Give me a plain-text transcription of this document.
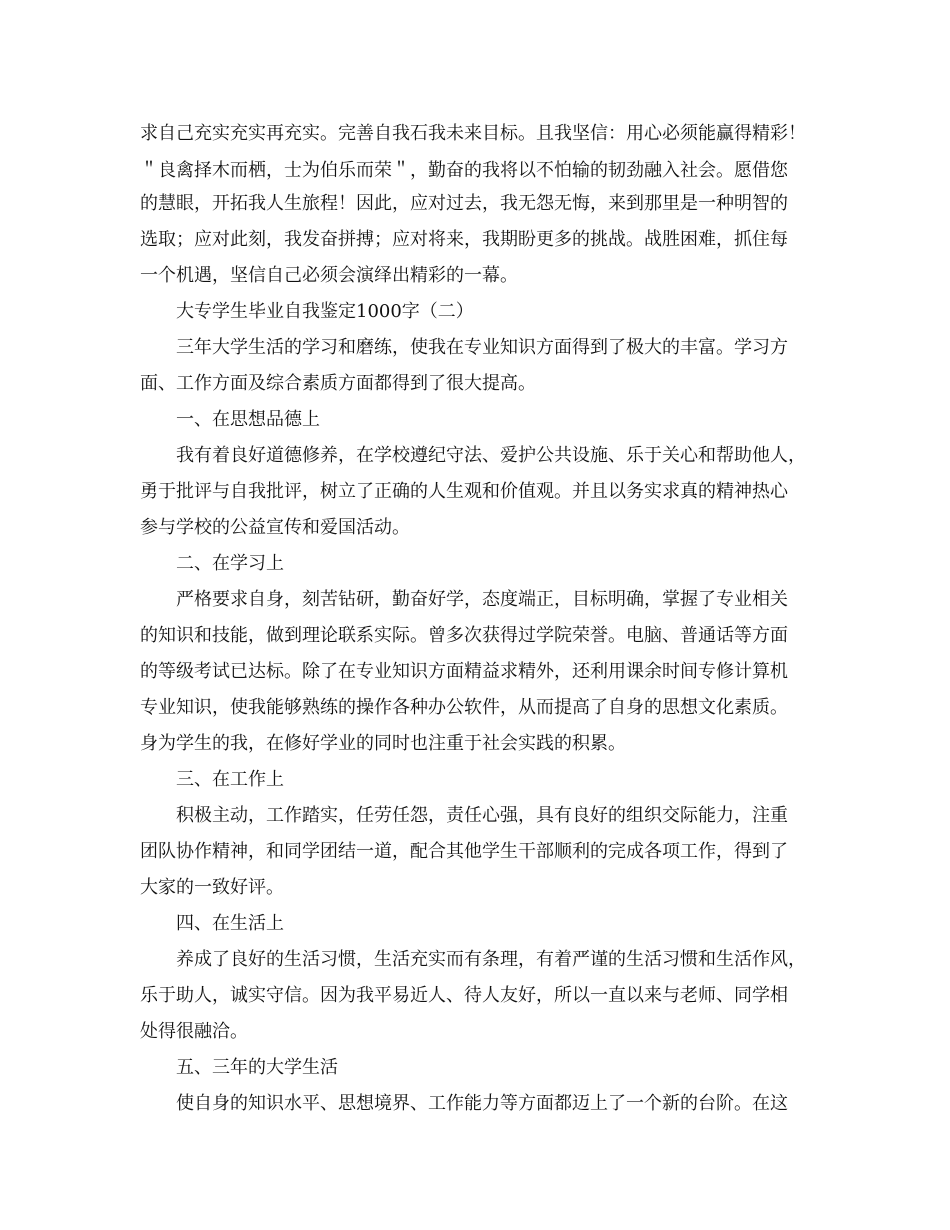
求自己充实充实再充实。完善自我石我未来目标。且我坚信：用心必须能赢得精彩！
＂良禽择木而栖，士为伯乐而荣＂，勤奋的我将以不怕输的韧劲融入社会。愿借您
的慧眼，开拓我人生旅程！因此，应对过去，我无怨无悔，来到那里是一种明智的
选取；应对此刻，我发奋拼搏；应对将来，我期盼更多的挑战。战胜困难，抓住每
一个机遇，坚信自己必须会演绎出精彩的一幕。
大专学生毕业自我鉴定1000字（二）
三年大学生活的学习和磨练，使我在专业知识方面得到了极大的丰富。学习方
面、工作方面及综合素质方面都得到了很大提高。
一、在思想品德上
我有着良好道德修养，在学校遵纪守法、爱护公共设施、乐于关心和帮助他人，
勇于批评与自我批评，树立了正确的人生观和价值观。并且以务实求真的精神热心
参与学校的公益宣传和爱国活动。
二、在学习上
严格要求自身，刻苦钻研，勤奋好学，态度端正，目标明确，掌握了专业相关
的知识和技能，做到理论联系实际。曾多次获得过学院荣誉。电脑、普通话等方面
的等级考试已达标。除了在专业知识方面精益求精外，还利用课余时间专修计算机
专业知识，使我能够熟练的操作各种办公软件，从而提高了自身的思想文化素质。
身为学生的我，在修好学业的同时也注重于社会实践的积累。
三、在工作上
积极主动，工作踏实，任劳任怨，责任心强，具有良好的组织交际能力，注重
团队协作精神，和同学团结一道，配合其他学生干部顺利的完成各项工作，得到了
大家的一致好评。
四、在生活上
养成了良好的生活习惯，生活充实而有条理，有着严谨的生活习惯和生活作风，
乐于助人，诚实守信。因为我平易近人、待人友好，所以一直以来与老师、同学相
处得很融洽。
五、三年的大学生活
使自身的知识水平、思想境界、工作能力等方面都迈上了一个新的台阶。在这
